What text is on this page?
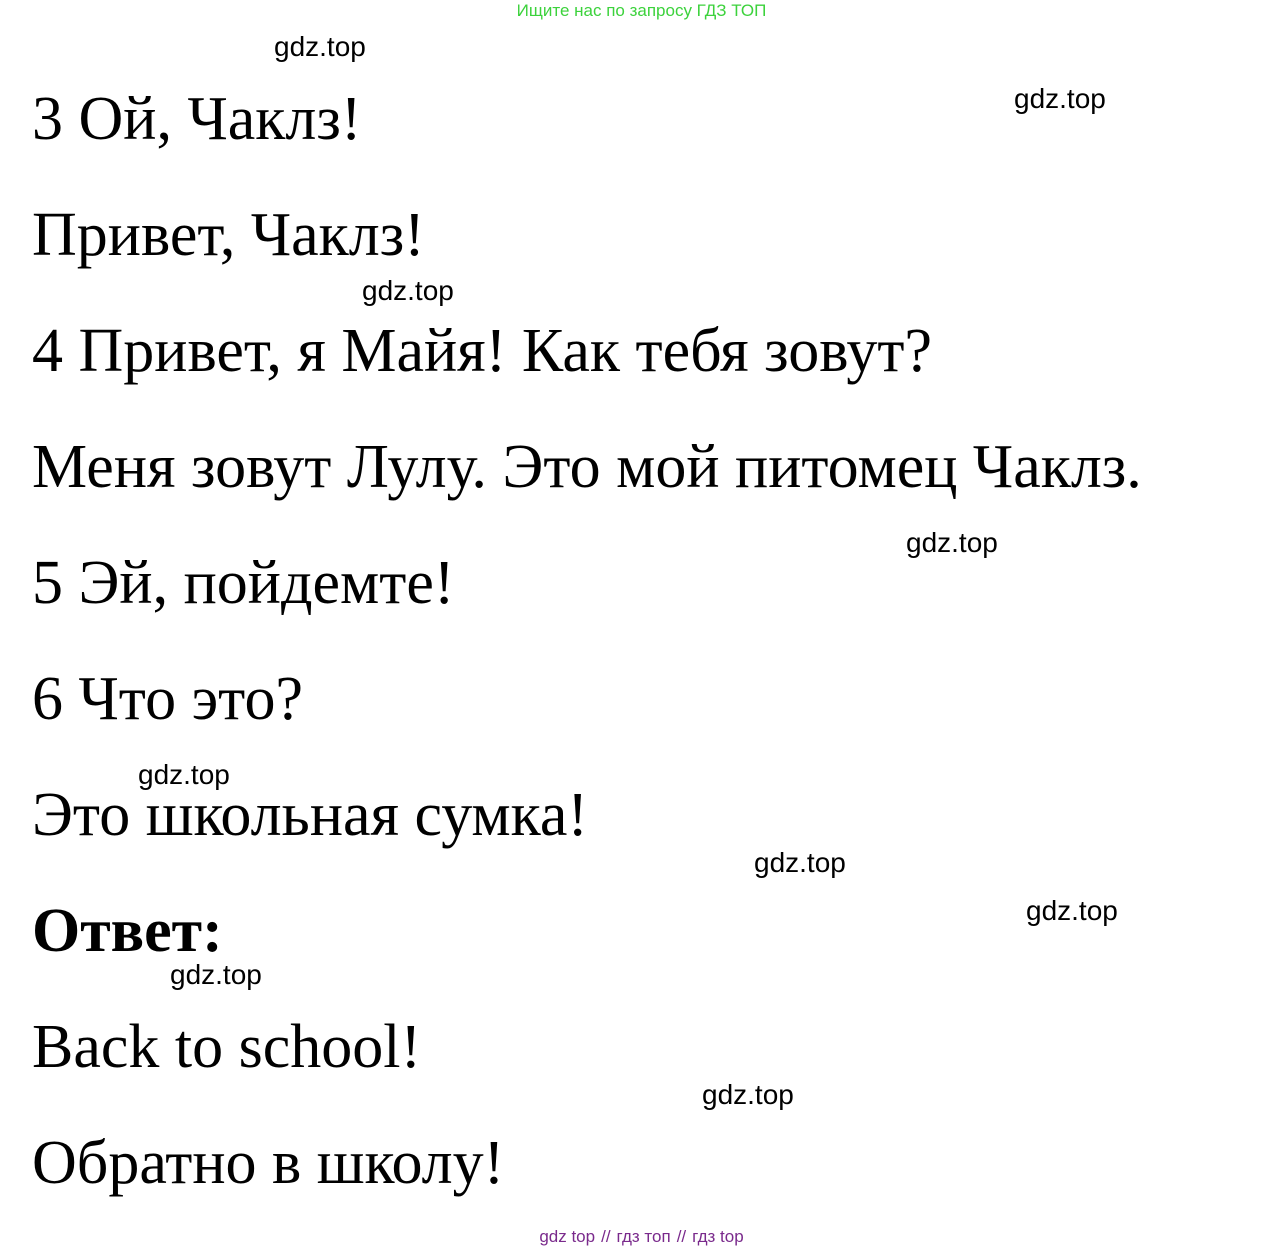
Ищите нас по запросу ГДЗ ТОП
gdz.top
gdz.top
gdz.top
gdz.top
gdz.top
gdz.top
gdz.top
gdz.top
gdz.top
3 Ой, Чаклз!
Привет, Чаклз!
4 Привет, я Майя! Как тебя зовут?
Меня зовут Лулу. Это мой питомец Чаклз.
5 Эй, пойдемте!
6 Что это?
Это школьная сумка!
Ответ:
Back to school!
Обратно в школу!
gdz top // гдз топ // гдз top
